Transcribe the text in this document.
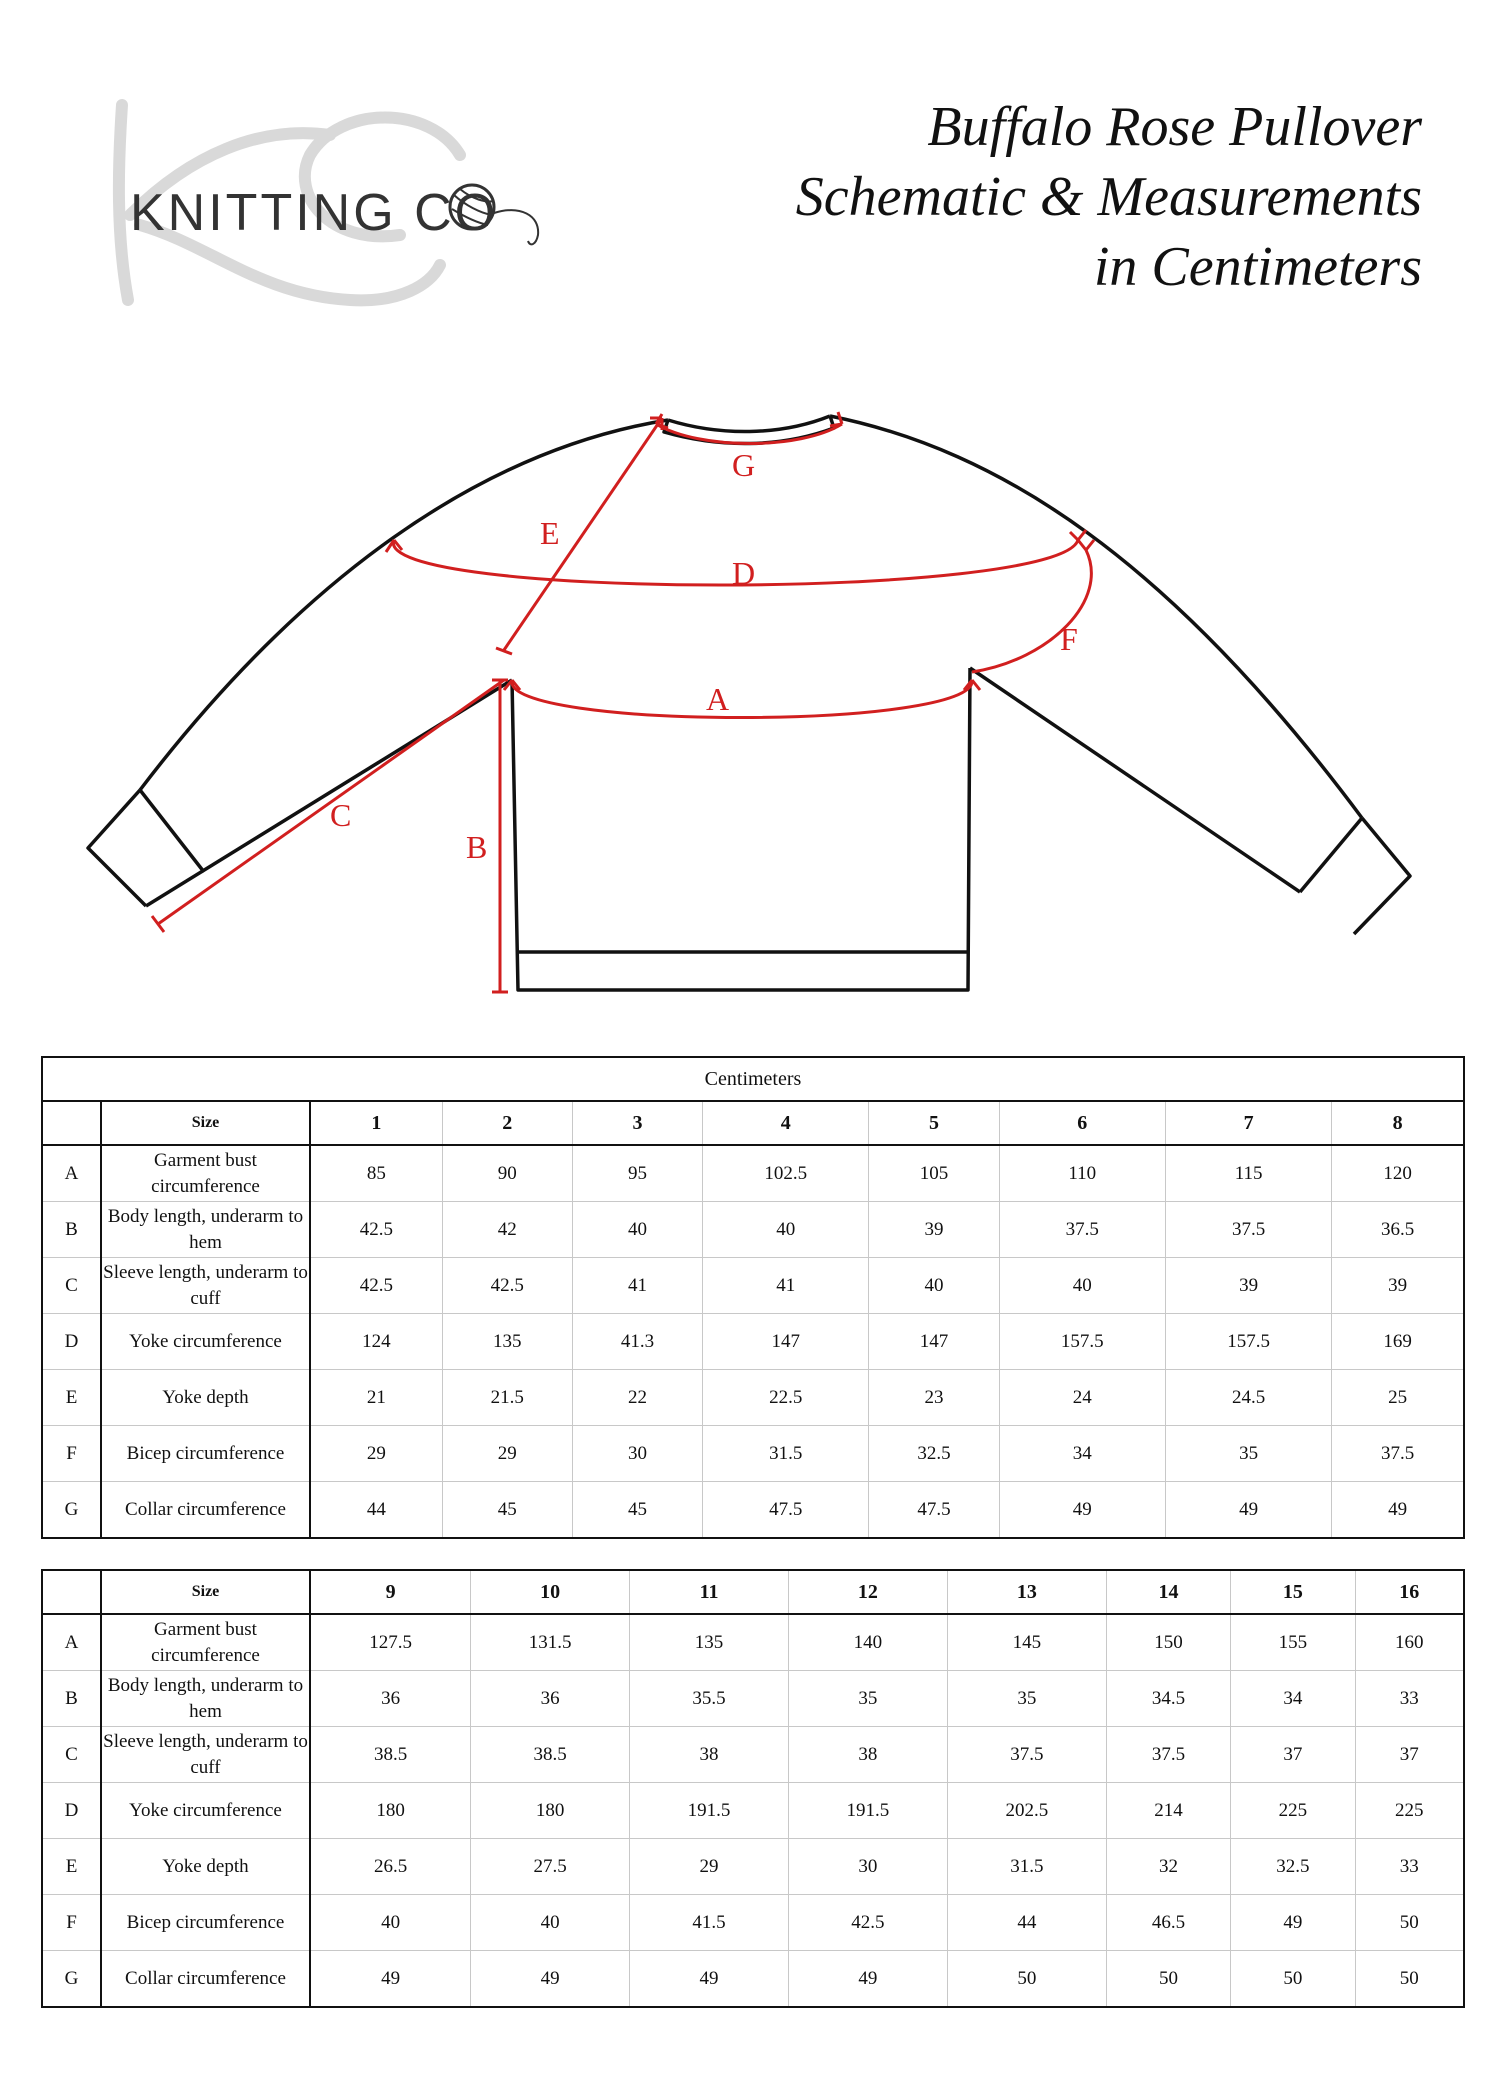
KNITTING CO
Buffalo Rose Pullover
Schematic & Measurements
in Centimeters
G
E
D
F
A
C
B
Centimeters									
	Size	1	2	3	4	5	6	7	8
A	Garment bust circumference	85	90	95	102.5	105	110	115	120
B	Body length, underarm to hem	42.5	42	40	40	39	37.5	37.5	36.5
C	Sleeve length, underarm to cuff	42.5	42.5	41	41	40	40	39	39
D	Yoke circumference	124	135	41.3	147	147	157.5	157.5	169
E	Yoke depth	21	21.5	22	22.5	23	24	24.5	25
F	Bicep circumference	29	29	30	31.5	32.5	34	35	37.5
G	Collar circumference	44	45	45	47.5	47.5	49	49	49
	Size	9	10	11	12	13	14	15	16
A	Garment bust circumference	127.5	131.5	135	140	145	150	155	160
B	Body length, underarm to hem	36	36	35.5	35	35	34.5	34	33
C	Sleeve length, underarm to cuff	38.5	38.5	38	38	37.5	37.5	37	37
D	Yoke circumference	180	180	191.5	191.5	202.5	214	225	225
E	Yoke depth	26.5	27.5	29	30	31.5	32	32.5	33
F	Bicep circumference	40	40	41.5	42.5	44	46.5	49	50
G	Collar circumference	49	49	49	49	50	50	50	50
